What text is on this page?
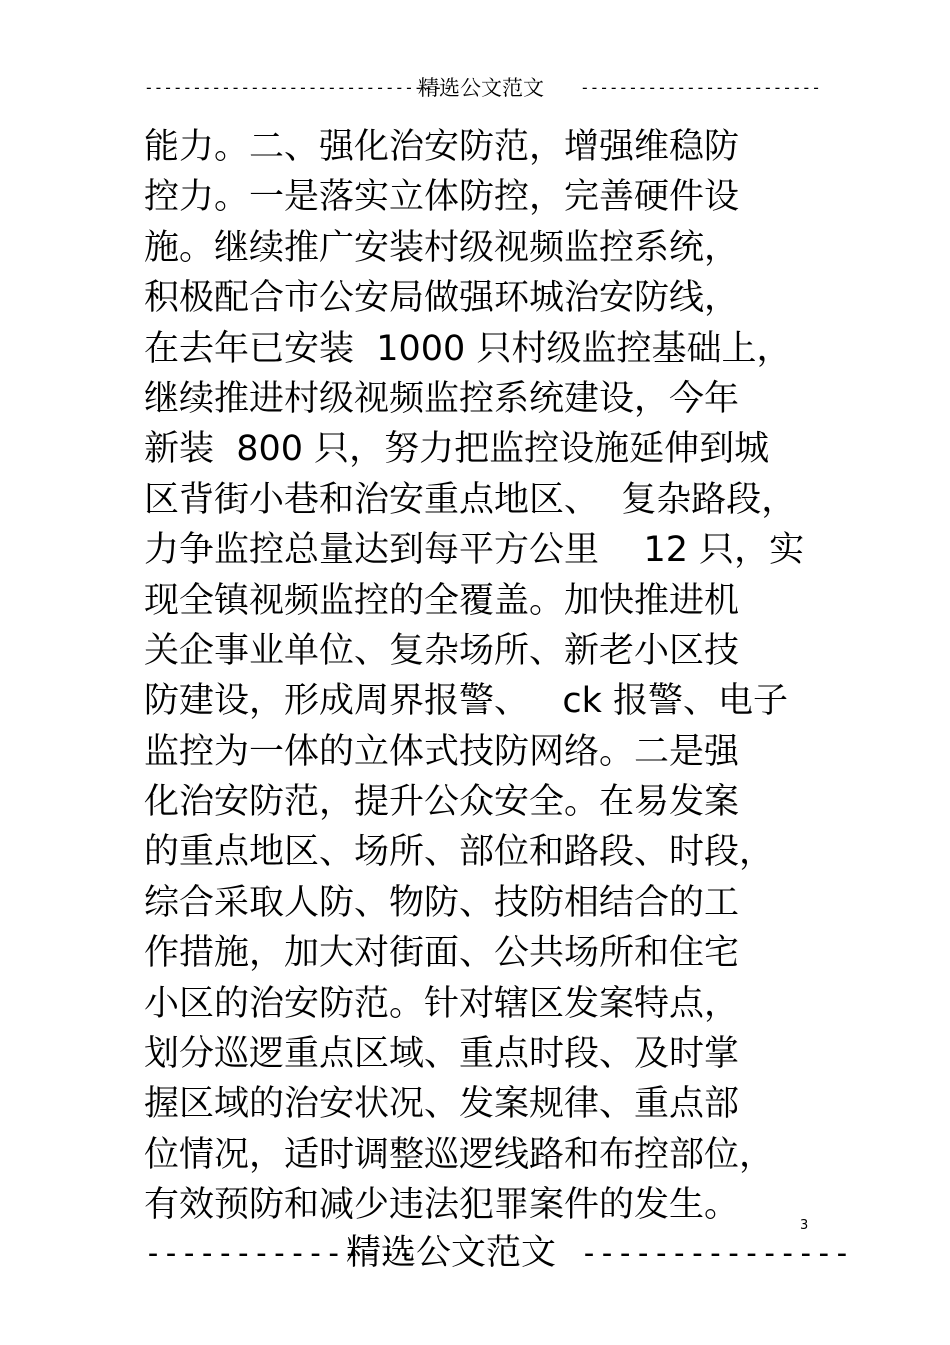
--------------------------------
精选公文范文 -------------------------
能力。二、强化治安防范，增强维稳防
控力。一是落实立体防控，完善硬件设
施。继续推广安装村级视频监控系统，
积极配合市公安局做强环城治安防线，
在去年已安装  1000 只村级监控基础上，
继续推进村级视频监控系统建设，今年
新装  800 只，努力把监控设施延伸到城
区背街小巷和治安重点地区、  复杂路段，
力争监控总量达到每平方公里    12 只，实
现全镇视频监控的全覆盖。加快推进机
关企事业单位、复杂场所、新老小区技
防建设，形成周界报警、   ck 报警、电子
监控为一体的立体式技防网络。二是强
化治安防范，提升公众安全。在易发案
的重点地区、场所、部位和路段、时段，
综合采取人防、物防、技防相结合的工
作措施，加大对街面、公共场所和住宅
小区的治安防范。针对辖区发案特点，
划分巡逻重点区域、重点时段、及时掌
握区域的治安状况、发案规律、重点部
位情况，适时调整巡逻线路和布控部位，
有效预防和减少违法犯罪案件的发生。
3
---------------
精选公文范文 ---------------
